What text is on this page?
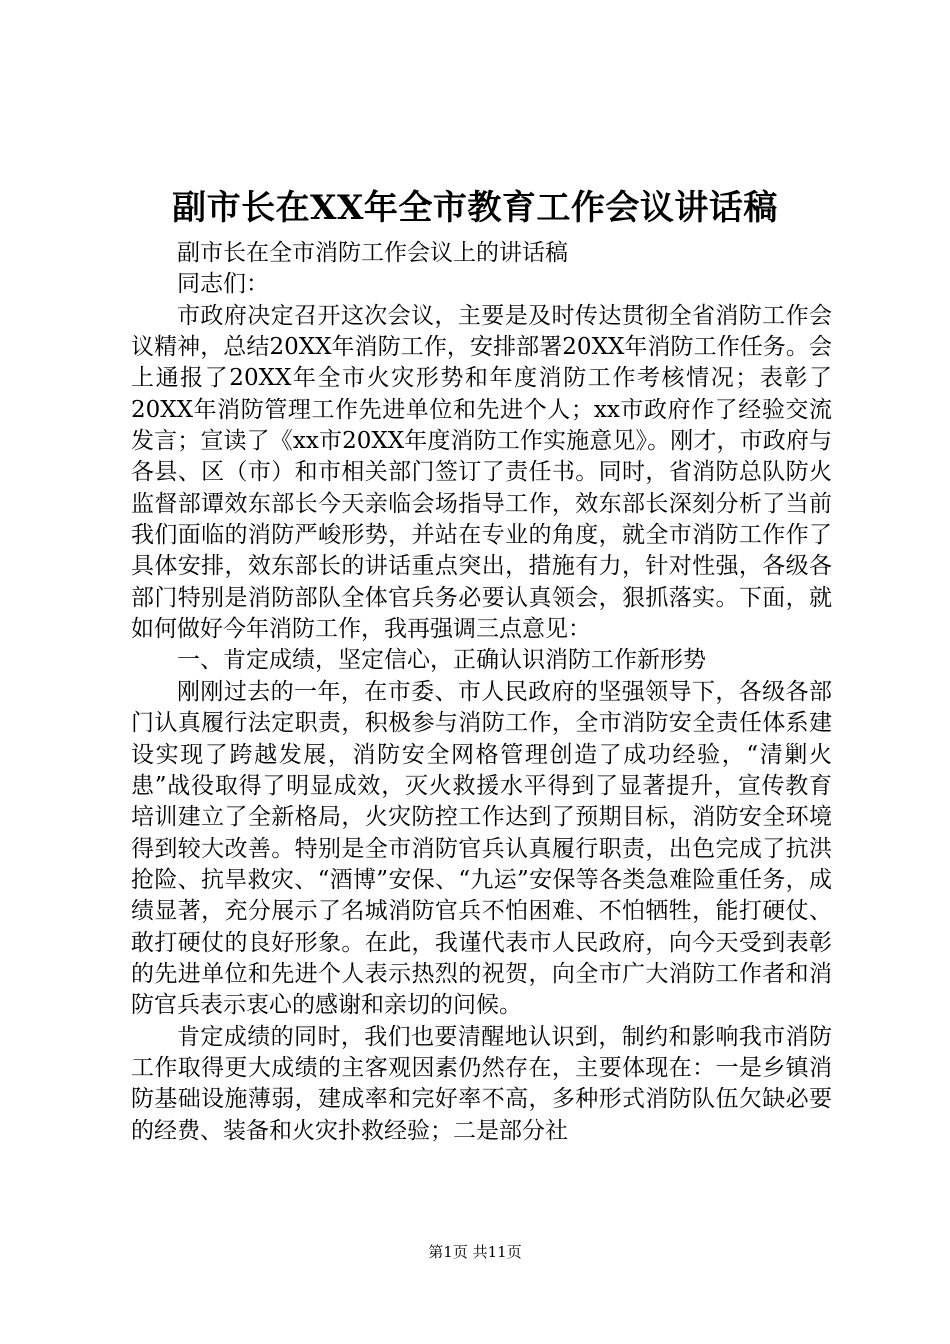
副市长在XX年全市教育工作会议讲话稿

副市长在全市消防工作会议上的讲话稿

同志们：

市政府决定召开这次会议，主要是及时传达贯彻全省消防工作会议精神，总结20XX年消防工作，安排部署20XX年消防工作任务。会上通报了20XX年全市火灾形势和年度消防工作考核情况；表彰了20XX年消防管理工作先进单位和先进个人；xx市政府作了经验交流发言；宣读了《xx市20XX年度消防工作实施意见》。刚才，市政府与各县、区（市）和市相关部门签订了责任书。同时，省消防总队防火监督部谭效东部长今天亲临会场指导工作，效东部长深刻分析了当前我们面临的消防严峻形势，并站在专业的角度，就全市消防工作作了具体安排，效东部长的讲话重点突出，措施有力，针对性强，各级各部门特别是消防部队全体官兵务必要认真领会，狠抓落实。下面，就如何做好今年消防工作，我再强调三点意见：

一、肯定成绩，坚定信心，正确认识消防工作新形势

刚刚过去的一年，在市委、市人民政府的坚强领导下，各级各部门认真履行法定职责，积极参与消防工作，全市消防安全责任体系建设实现了跨越发展，消防安全网格管理创造了成功经验，“清剿火患”战役取得了明显成效，灭火救援水平得到了显著提升，宣传教育培训建立了全新格局，火灾防控工作达到了预期目标，消防安全环境得到较大改善。特别是全市消防官兵认真履行职责，出色完成了抗洪抢险、抗旱救灾、“酒博”安保、“九运”安保等各类急难险重任务，成绩显著，充分展示了名城消防官兵不怕困难、不怕牺牲，能打硬仗、敢打硬仗的良好形象。在此，我谨代表市人民政府，向今天受到表彰的先进单位和先进个人表示热烈的祝贺，向全市广大消防工作者和消防官兵表示衷心的感谢和亲切的问候。

肯定成绩的同时，我们也要清醒地认识到，制约和影响我市消防工作取得更大成绩的主客观因素仍然存在，主要体现在：一是乡镇消防基础设施薄弱，建成率和完好率不高，多种形式消防队伍欠缺必要的经费、装备和火灾扑救经验；二是部分社

第1页 共11页
